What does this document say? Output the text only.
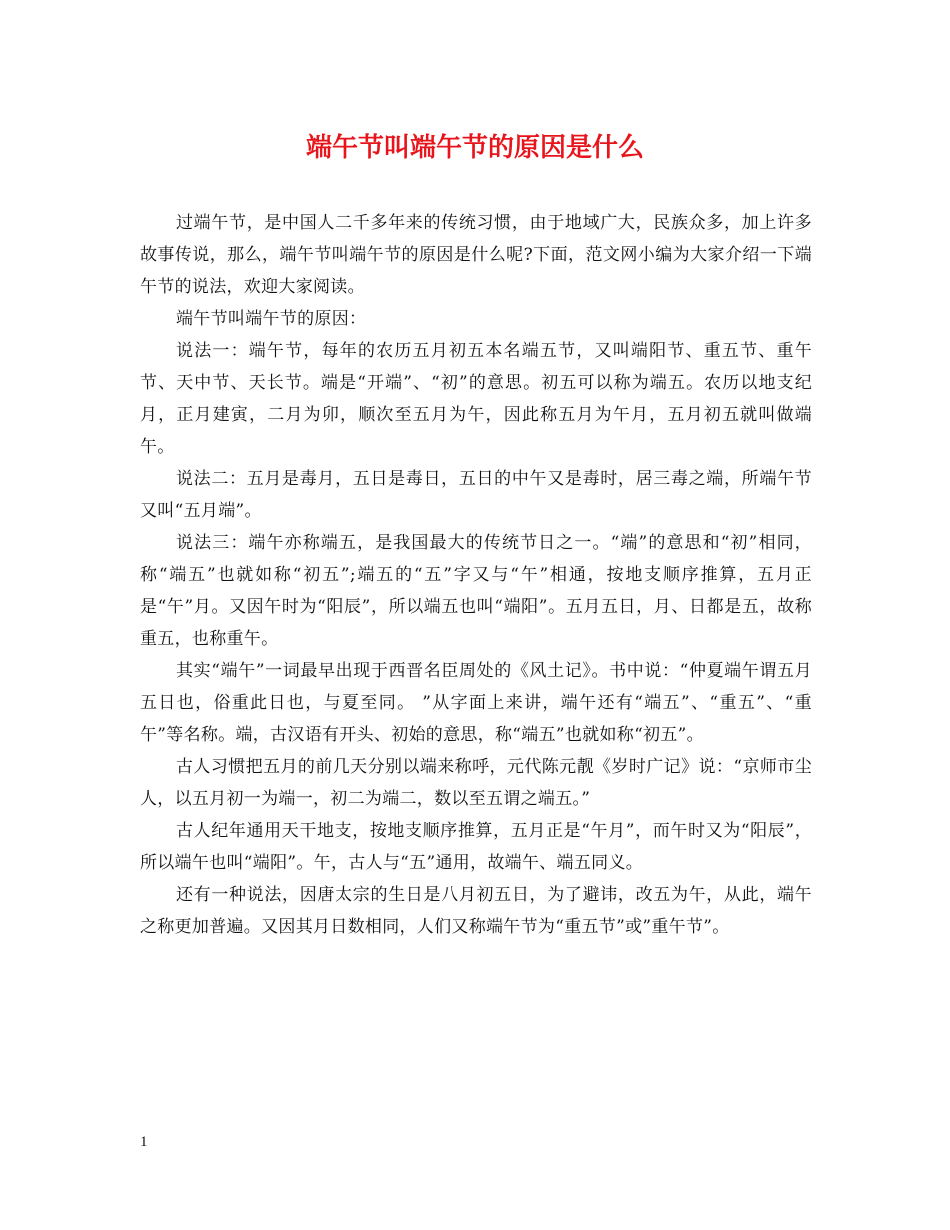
端午节叫端午节的原因是什么

过端午节，是中国人二千多年来的传统习惯，由于地域广大，民族众多，加上许多故事传说，那么，端午节叫端午节的原因是什么呢?下面，范文网小编为大家介绍一下端午节的说法，欢迎大家阅读。

端午节叫端午节的原因：

说法一：端午节，每年的农历五月初五本名端五节，又叫端阳节、重五节、重午节、天中节、天长节。端是“开端”、“初”的意思。初五可以称为端五。农历以地支纪月，正月建寅，二月为卯，顺次至五月为午，因此称五月为午月，五月初五就叫做端午。

说法二：五月是毒月，五日是毒日，五日的中午又是毒时，居三毒之端，所端午节又叫“五月端”。

说法三：端午亦称端五，是我国最大的传统节日之一。“端”的意思和“初”相同，称“端五”也就如称“初五”;端五的“五”字又与“午”相通，按地支顺序推算，五月正是“午”月。又因午时为“阳辰”，所以端五也叫“端阳”。五月五日，月、日都是五，故称重五，也称重午。

其实“端午”一词最早出现于西晋名臣周处的《风土记》。书中说：“仲夏端午谓五月五日也，俗重此日也，与夏至同。 ”从字面上来讲，端午还有“端五”、“重五”、“重午”等名称。端，古汉语有开头、初始的意思，称“端五”也就如称“初五”。

古人习惯把五月的前几天分别以端来称呼，元代陈元靓《岁时广记》说：“京师市尘人，以五月初一为端一，初二为端二，数以至五谓之端五。”

古人纪年通用天干地支，按地支顺序推算，五月正是“午月”，而午时又为“阳辰”，所以端午也叫“端阳”。午，古人与“五”通用，故端午、端五同义。

还有一种说法，因唐太宗的生日是八月初五日，为了避讳，改五为午，从此，端午之称更加普遍。又因其月日数相同，人们又称端午节为“重五节”或”重午节”。

1
